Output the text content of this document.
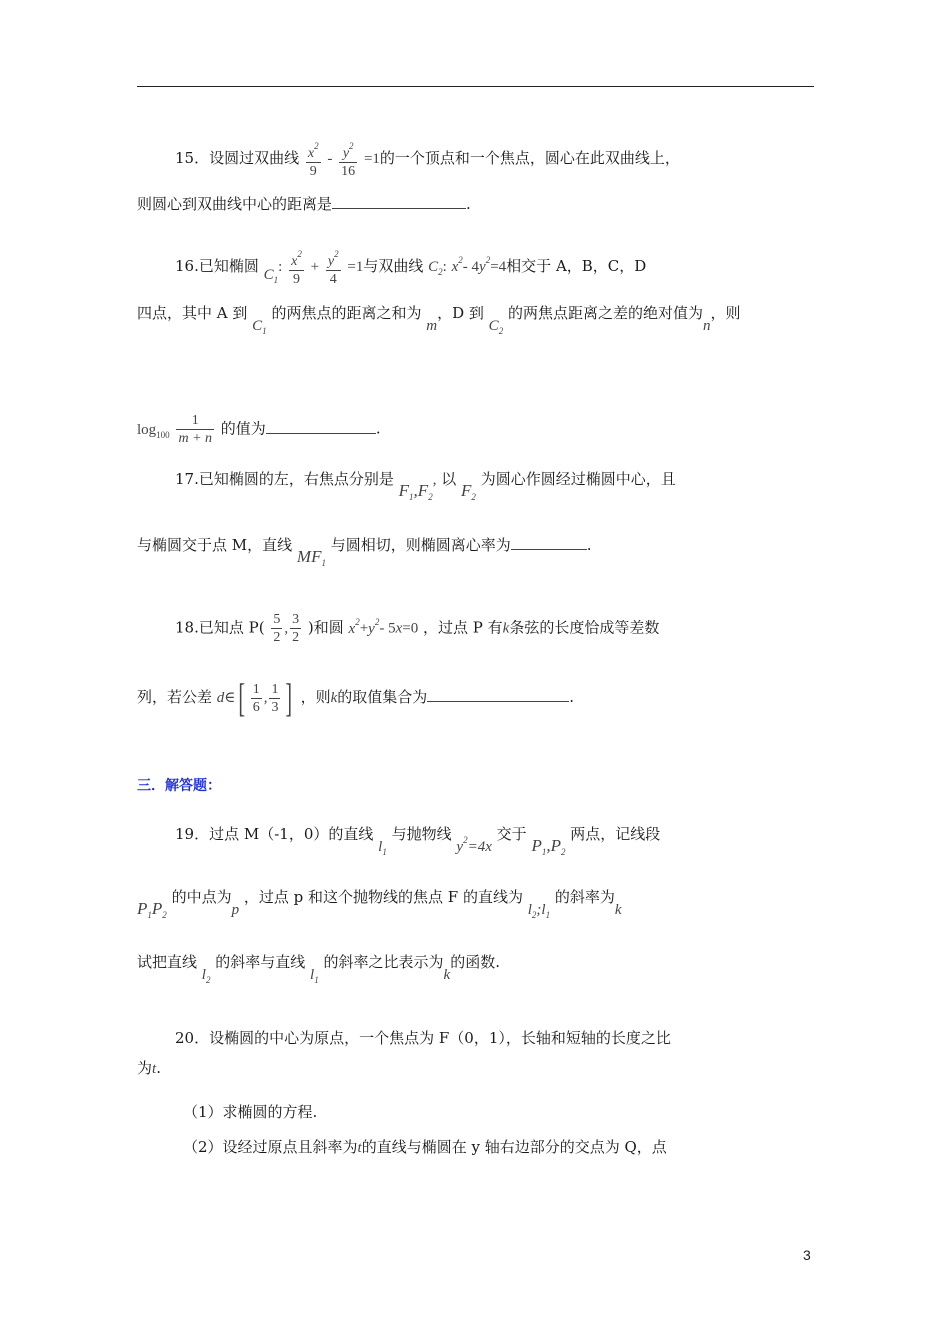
15．设圆过双曲线 $\frac{x^2}{9} - \frac{y^2}{16} =1$的一个顶点和一个焦点，圆心在此双曲线上，
则圆心到双曲线中心的距离是	.
16.已知椭圆 $C_1$: $\frac{x^2}{9} + \frac{y^2}{4} =1$与双曲线 $C_2$: $x^2-$ $4y^2=4$相交于 A，B，C，D
四点，其中 A 到 $C_1$ 的两焦点的距离之和为 m，D 到 $C_2$ 的两焦点距离之差的绝对值为n，则
$\log_{100} \frac{1}{m + n}$ 的值为	.
17.已知椭圆的左，右焦点分别是 $F_1,F_2$, 以 $F_2$ 为圆心作圆经过椭圆中心，且
与椭圆交于点 M，直线 $MF_1$ 与圆相切，则椭圆离心率为	.
18.已知点 $P( \frac{5}{2}$ , $\frac{3}{2}$ )和圆 $x^2+y^2-$ 5x=0 ，过点 P 有k条弦的长度恰成等差数
列，若公差 d∈[ $\frac{1}{6}$ , $\frac{1}{3}$ ] ，则k的取值集合为	.
三．解答题：
19．过点 M（-1，0）的直线 $l_1$ 与抛物线 $y^2=4x$ 交于 $P_1,P_2$ 两点，记线段
$P_1P_2$ 的中点为p ，过点 p 和这个抛物线的焦点 F 的直线为 $l_2;l_1$ 的斜率为k
试把直线 $l_2$ 的斜率与直线 $l_1$ 的斜率之比表示为k的函数.
20．设椭圆的中心为原点，一个焦点为 F（0，1），长轴和短轴的长度之比
为t.
（1）求椭圆的方程.
（2）设经过原点且斜率为t的直线与椭圆在 y 轴右边部分的交点为 Q，点
3
